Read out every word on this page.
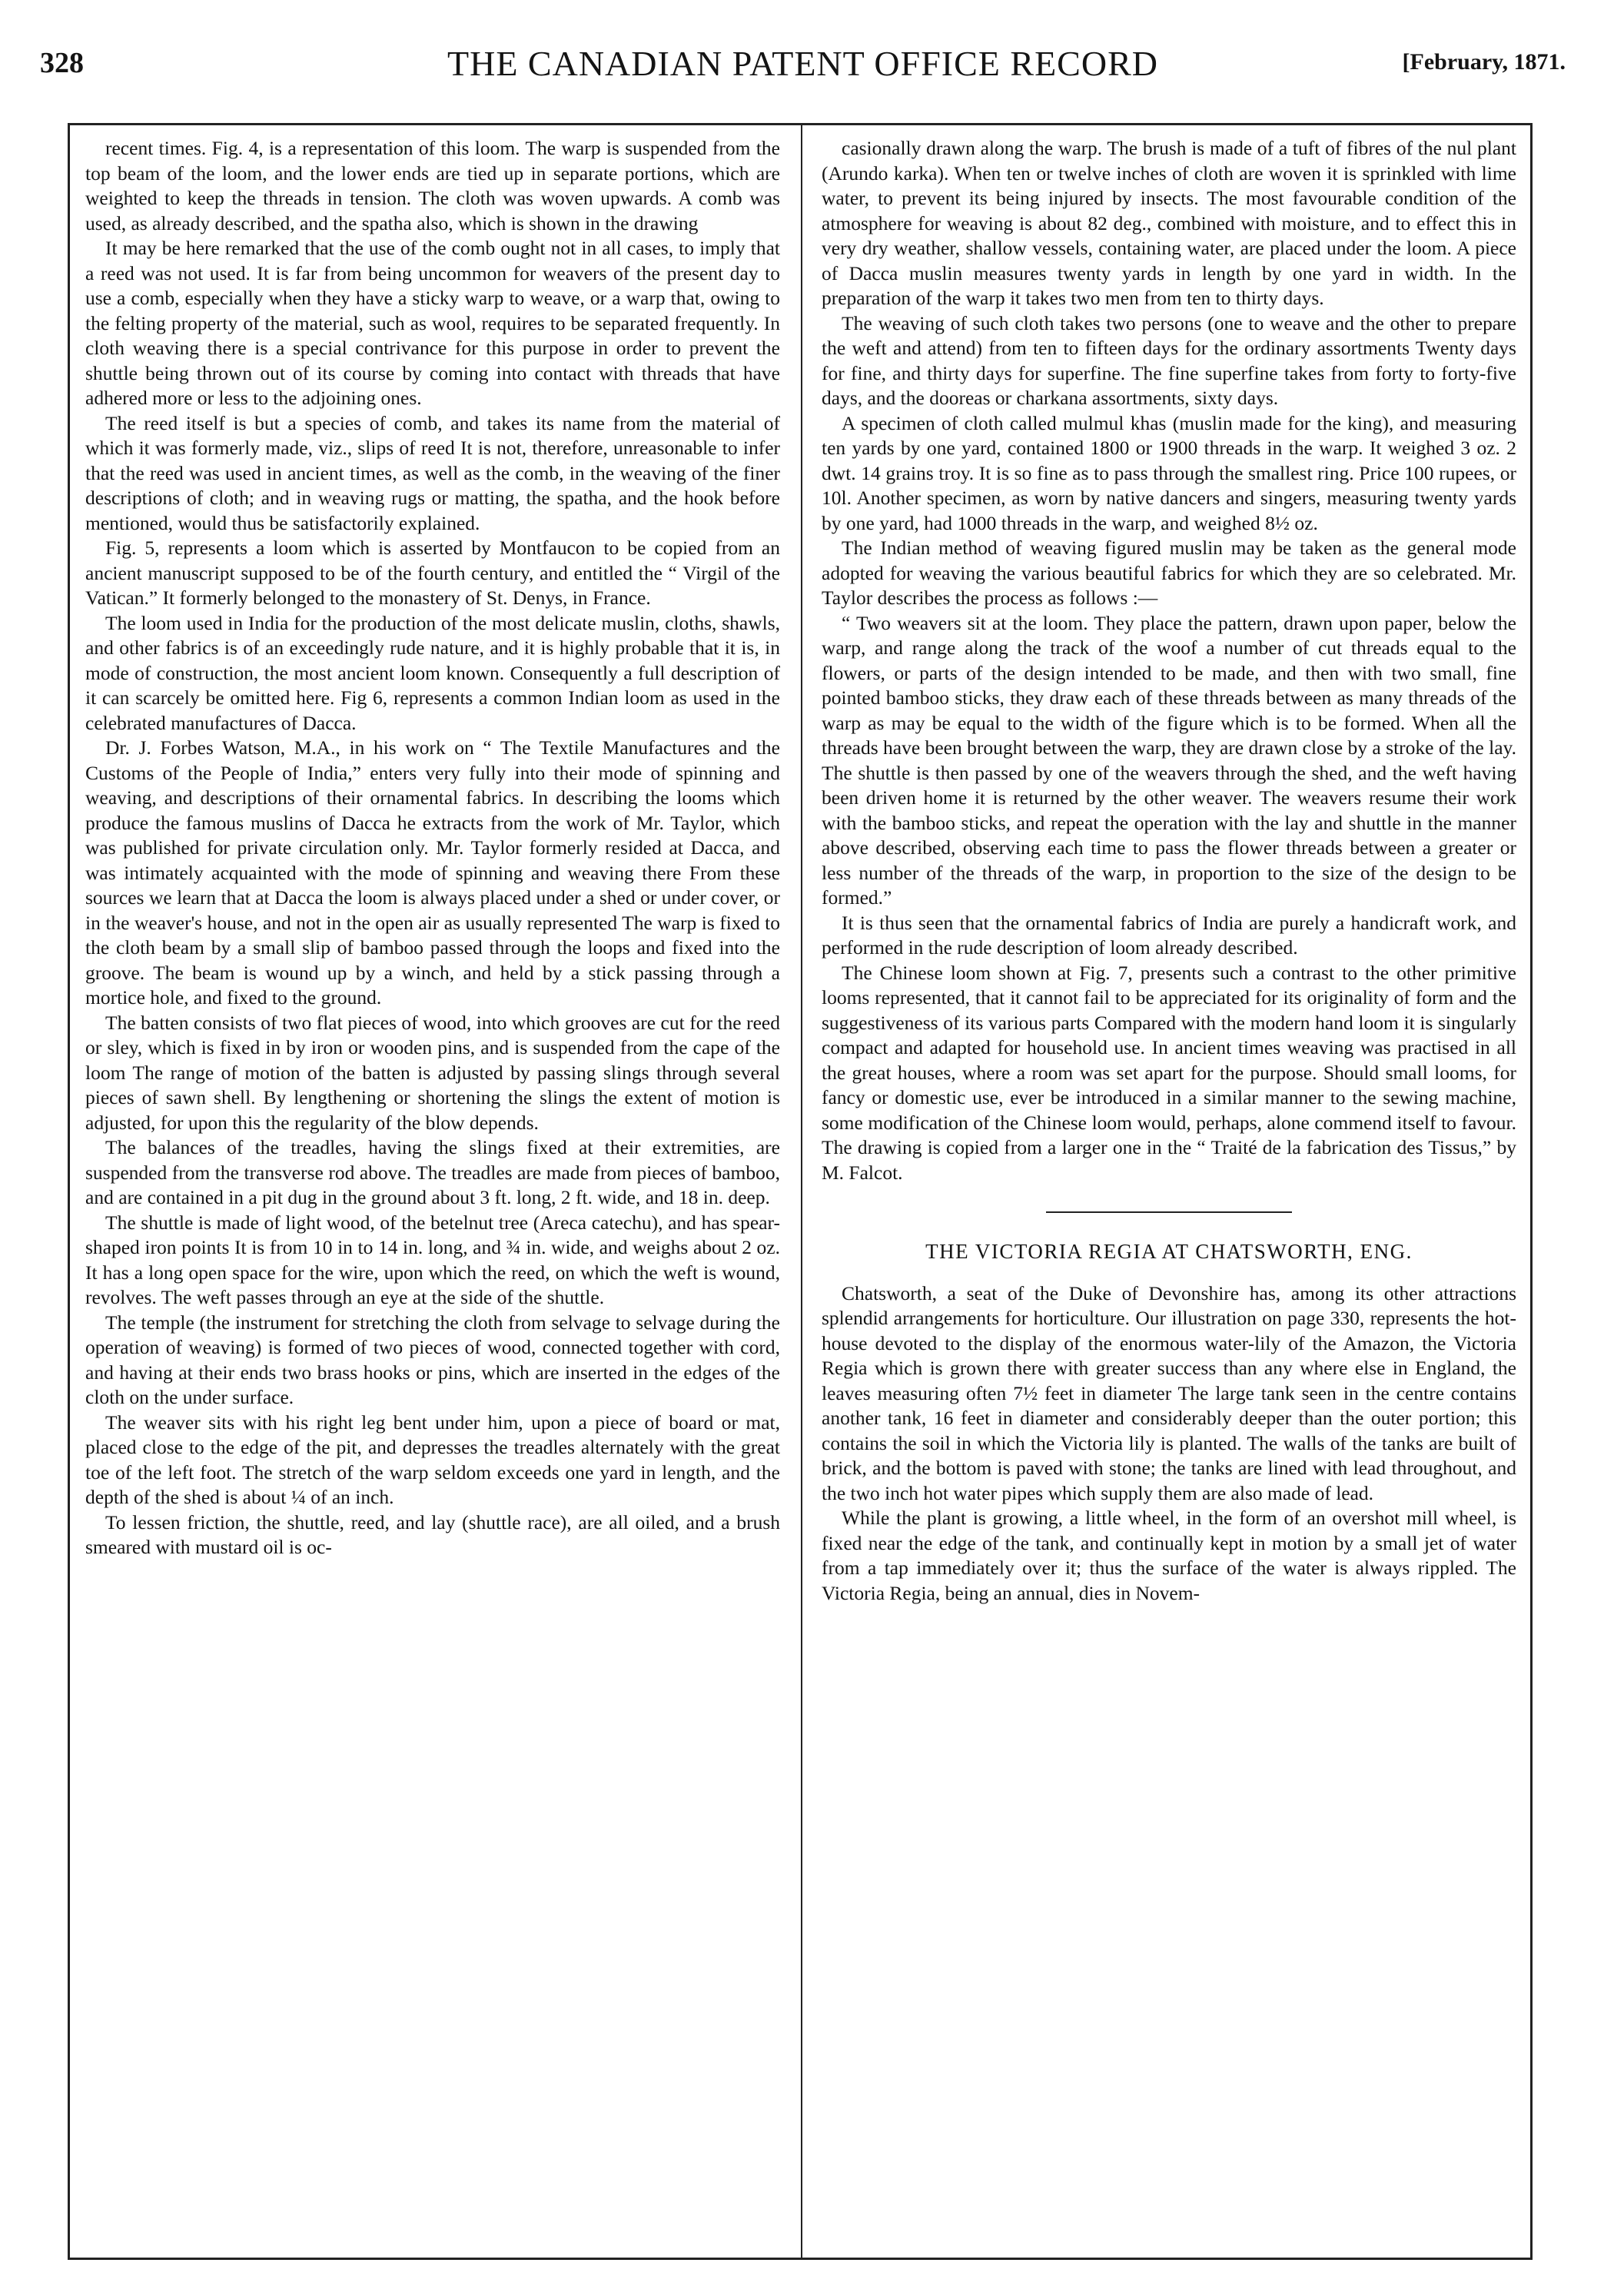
328	THE CANADIAN PATENT OFFICE RECORD	[February, 1871.

recent times. Fig. 4, is a representation of this loom. The warp is suspended from the top beam of the loom, and the lower ends are tied up in separate portions, which are weighted to keep the threads in tension. The cloth was woven upwards. A comb was used, as already described, and the spatha also, which is shown in the drawing

It may be here remarked that the use of the comb ought not in all cases, to imply that a reed was not used. It is far from being uncommon for weavers of the present day to use a comb, especially when they have a sticky warp to weave, or a warp that, owing to the felting property of the material, such as wool, requires to be separated frequently. In cloth weaving there is a special contrivance for this purpose in order to prevent the shuttle being thrown out of its course by coming into contact with threads that have adhered more or less to the adjoining ones.

The reed itself is but a species of comb, and takes its name from the material of which it was formerly made, viz., slips of reed It is not, therefore, unreasonable to infer that the reed was used in ancient times, as well as the comb, in the weaving of the finer descriptions of cloth; and in weaving rugs or matting, the spatha, and the hook before mentioned, would thus be satisfactorily explained.

Fig. 5, represents a loom which is asserted by Montfaucon to be copied from an ancient manuscript supposed to be of the fourth century, and entitled the “ Virgil of the Vatican.” It formerly belonged to the monastery of St. Denys, in France.

The loom used in India for the production of the most delicate muslin, cloths, shawls, and other fabrics is of an exceedingly rude nature, and it is highly probable that it is, in mode of construction, the most ancient loom known. Consequently a full description of it can scarcely be omitted here. Fig 6, represents a common Indian loom as used in the celebrated manufactures of Dacca.

Dr. J. Forbes Watson, M.A., in his work on “ The Textile Manufactures and the Customs of the People of India,” enters very fully into their mode of spinning and weaving, and descriptions of their ornamental fabrics. In describing the looms which produce the famous muslins of Dacca he extracts from the work of Mr. Taylor, which was published for private circulation only. Mr. Taylor formerly resided at Dacca, and was intimately acquainted with the mode of spinning and weaving there From these sources we learn that at Dacca the loom is always placed under a shed or under cover, or in the weaver's house, and not in the open air as usually represented The warp is fixed to the cloth beam by a small slip of bamboo passed through the loops and fixed into the groove. The beam is wound up by a winch, and held by a stick passing through a mortice hole, and fixed to the ground.

The batten consists of two flat pieces of wood, into which grooves are cut for the reed or sley, which is fixed in by iron or wooden pins, and is suspended from the cape of the loom The range of motion of the batten is adjusted by passing slings through several pieces of sawn shell. By lengthening or shortening the slings the extent of motion is adjusted, for upon this the regularity of the blow depends.

The balances of the treadles, having the slings fixed at their extremities, are suspended from the transverse rod above. The treadles are made from pieces of bamboo, and are contained in a pit dug in the ground about 3 ft. long, 2 ft. wide, and 18 in. deep.

The shuttle is made of light wood, of the betelnut tree (Areca catechu), and has spear-shaped iron points It is from 10 in to 14 in. long, and ¾ in. wide, and weighs about 2 oz. It has a long open space for the wire, upon which the reed, on which the weft is wound, revolves. The weft passes through an eye at the side of the shuttle.

The temple (the instrument for stretching the cloth from selvage to selvage during the operation of weaving) is formed of two pieces of wood, connected together with cord, and having at their ends two brass hooks or pins, which are inserted in the edges of the cloth on the under surface.

The weaver sits with his right leg bent under him, upon a piece of board or mat, placed close to the edge of the pit, and depresses the treadles alternately with the great toe of the left foot. The stretch of the warp seldom exceeds one yard in length, and the depth of the shed is about ¼ of an inch.

To lessen friction, the shuttle, reed, and lay (shuttle race), are all oiled, and a brush smeared with mustard oil is oc-

casionally drawn along the warp. The brush is made of a tuft of fibres of the nul plant (Arundo karka). When ten or twelve inches of cloth are woven it is sprinkled with lime water, to prevent its being injured by insects. The most favourable condition of the atmosphere for weaving is about 82 deg., combined with moisture, and to effect this in very dry weather, shallow vessels, containing water, are placed under the loom. A piece of Dacca muslin measures twenty yards in length by one yard in width. In the preparation of the warp it takes two men from ten to thirty days.

The weaving of such cloth takes two persons (one to weave and the other to prepare the weft and attend) from ten to fifteen days for the ordinary assortments Twenty days for fine, and thirty days for superfine. The fine superfine takes from forty to forty-five days, and the dooreas or charkana assortments, sixty days.

A specimen of cloth called mulmul khas (muslin made for the king), and measuring ten yards by one yard, contained 1800 or 1900 threads in the warp. It weighed 3 oz. 2 dwt. 14 grains troy. It is so fine as to pass through the smallest ring. Price 100 rupees, or 10l. Another specimen, as worn by native dancers and singers, measuring twenty yards by one yard, had 1000 threads in the warp, and weighed 8½ oz.

The Indian method of weaving figured muslin may be taken as the general mode adopted for weaving the various beautiful fabrics for which they are so celebrated. Mr. Taylor describes the process as follows :—

“ Two weavers sit at the loom. They place the pattern, drawn upon paper, below the warp, and range along the track of the woof a number of cut threads equal to the flowers, or parts of the design intended to be made, and then with two small, fine pointed bamboo sticks, they draw each of these threads between as many threads of the warp as may be equal to the width of the figure which is to be formed. When all the threads have been brought between the warp, they are drawn close by a stroke of the lay. The shuttle is then passed by one of the weavers through the shed, and the weft having been driven home it is returned by the other weaver. The weavers resume their work with the bamboo sticks, and repeat the operation with the lay and shuttle in the manner above described, observing each time to pass the flower threads between a greater or less number of the threads of the warp, in proportion to the size of the design to be formed.”

It is thus seen that the ornamental fabrics of India are purely a handicraft work, and performed in the rude description of loom already described.

The Chinese loom shown at Fig. 7, presents such a contrast to the other primitive looms represented, that it cannot fail to be appreciated for its originality of form and the suggestiveness of its various parts Compared with the modern hand loom it is singularly compact and adapted for household use. In ancient times weaving was practised in all the great houses, where a room was set apart for the purpose. Should small looms, for fancy or domestic use, ever be introduced in a similar manner to the sewing machine, some modification of the Chinese loom would, perhaps, alone commend itself to favour. The drawing is copied from a larger one in the “ Traité de la fabrication des Tissus,” by M. Falcot.

THE VICTORIA REGIA AT CHATSWORTH, ENG.

Chatsworth, a seat of the Duke of Devonshire has, among its other attractions splendid arrangements for horticulture. Our illustration on page 330, represents the hot-house devoted to the display of the enormous water-lily of the Amazon, the Victoria Regia which is grown there with greater success than any where else in England, the leaves measuring often 7½ feet in diameter The large tank seen in the centre contains another tank, 16 feet in diameter and considerably deeper than the outer portion; this contains the soil in which the Victoria lily is planted. The walls of the tanks are built of brick, and the bottom is paved with stone; the tanks are lined with lead throughout, and the two inch hot water pipes which supply them are also made of lead.

While the plant is growing, a little wheel, in the form of an overshot mill wheel, is fixed near the edge of the tank, and continually kept in motion by a small jet of water from a tap immediately over it; thus the surface of the water is always rippled. The Victoria Regia, being an annual, dies in Novem-
